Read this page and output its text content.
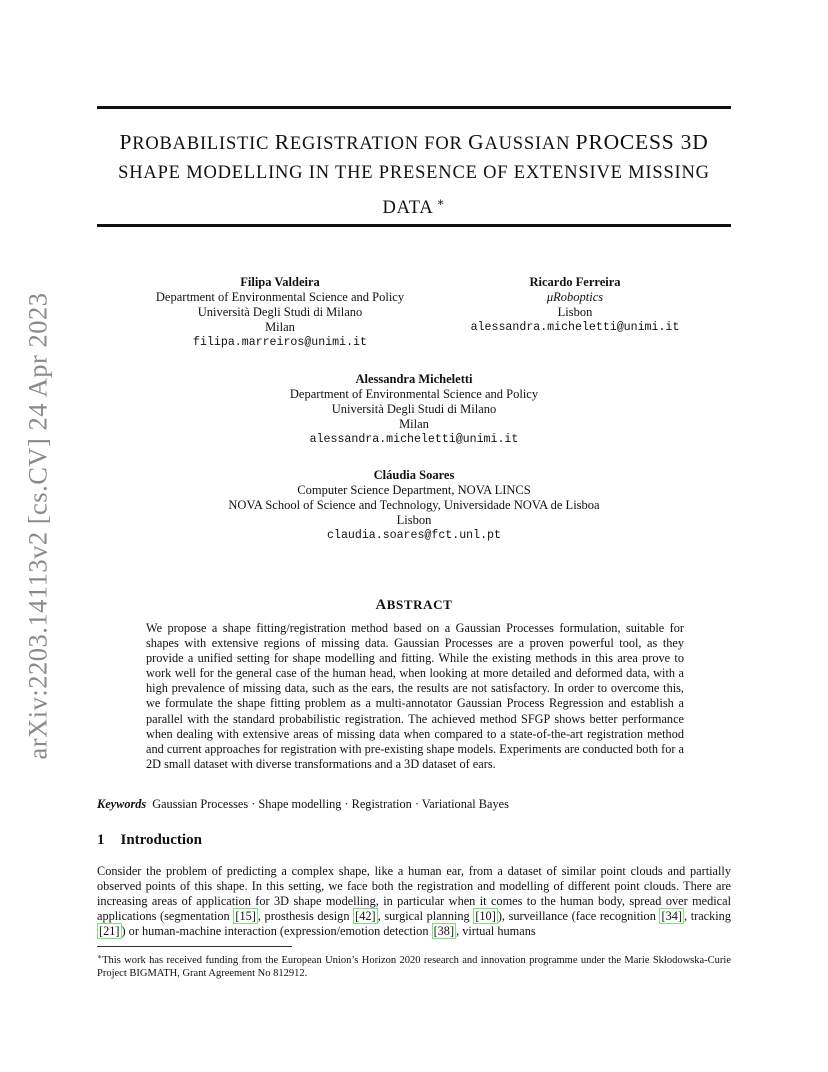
arXiv:2203.14113v2 [cs.CV] 24 Apr 2023
PROBABILISTIC REGISTRATION FOR GAUSSIAN PROCESS 3D
SHAPE MODELLING IN THE PRESENCE OF EXTENSIVE MISSING
DATA ∗
Filipa Valdeira
Department of Environmental Science and Policy
Università Degli Studi di Milano
Milan
filipa.marreiros@unimi.it
Ricardo Ferreira
μRoboptics
Lisbon
alessandra.micheletti@unimi.it
Alessandra Micheletti
Department of Environmental Science and Policy
Università Degli Studi di Milano
Milan
alessandra.micheletti@unimi.it
Cláudia Soares
Computer Science Department, NOVA LINCS
NOVA School of Science and Technology, Universidade NOVA de Lisboa
Lisbon
claudia.soares@fct.unl.pt
ABSTRACT
We propose a shape fitting/registration method based on a Gaussian Processes formulation, suitable for shapes with extensive regions of missing data. Gaussian Processes are a proven powerful tool, as they provide a unified setting for shape modelling and fitting. While the existing methods in this area prove to work well for the general case of the human head, when looking at more detailed and deformed data, with a high prevalence of missing data, such as the ears, the results are not satisfactory. In order to overcome this, we formulate the shape fitting problem as a multi-annotator Gaussian Process Regression and establish a parallel with the standard probabilistic registration. The achieved method SFGP shows better performance when dealing with extensive areas of missing data when compared to a state-of-the-art registration method and current approaches for registration with pre-existing shape models. Experiments are conducted both for a 2D small dataset with diverse transformations and a 3D dataset of ears.
Keywords Gaussian Processes · Shape modelling · Registration · Variational Bayes
1 Introduction
Consider the problem of predicting a complex shape, like a human ear, from a dataset of similar point clouds and partially observed points of this shape. In this setting, we face both the registration and modelling of different point clouds. There are increasing areas of application for 3D shape modelling, in particular when it comes to the human body, spread over medical applications (segmentation [15] , prosthesis design [42] , surgical planning [10] ), surveillance (face recognition [34] , tracking [21] ) or human-machine interaction (expression/emotion detection [38] , virtual humans
∗This work has received funding from the European Union’s Horizon 2020 research and innovation programme under the Marie Skłodowska-Curie Project BIGMATH, Grant Agreement No 812912.
